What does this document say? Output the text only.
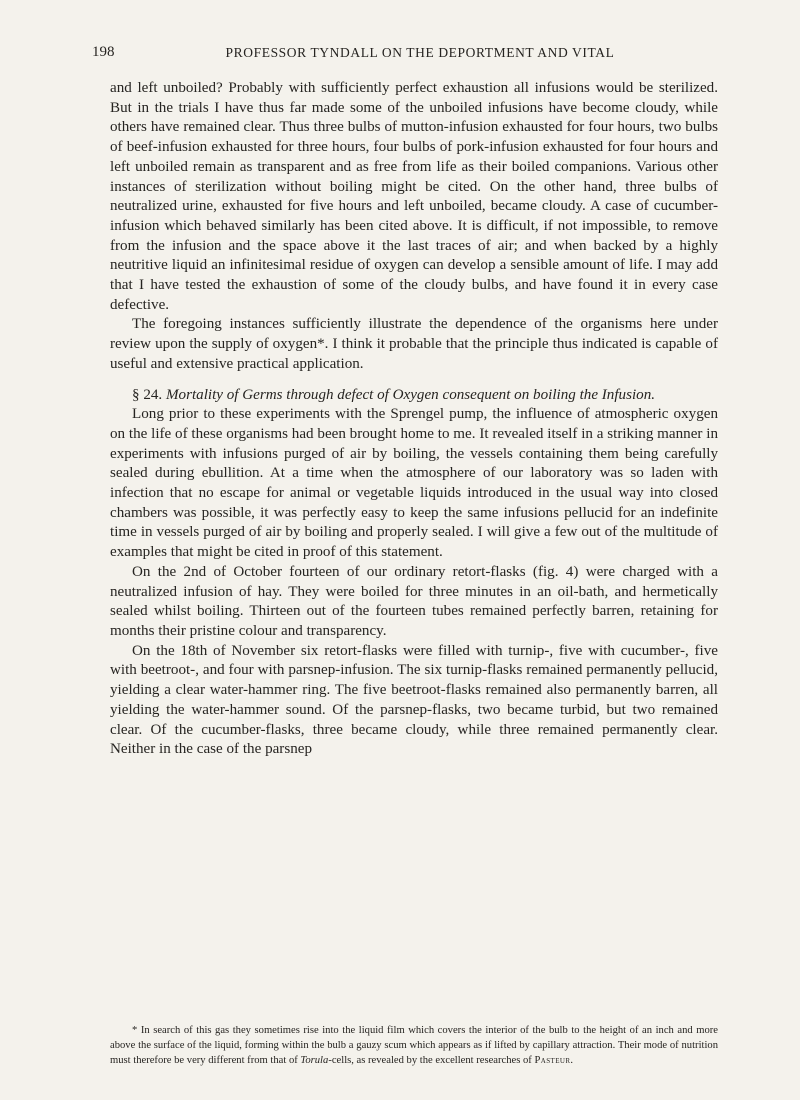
198	PROFESSOR TYNDALL ON THE DEPORTMENT AND VITAL

and left unboiled? Probably with sufficiently perfect exhaustion all infusions would be sterilized. But in the trials I have thus far made some of the unboiled infusions have become cloudy, while others have remained clear. Thus three bulbs of mutton-infusion exhausted for four hours, two bulbs of beef-infusion exhausted for three hours, four bulbs of pork-infusion exhausted for four hours and left unboiled remain as transparent and as free from life as their boiled companions. Various other instances of sterilization without boiling might be cited. On the other hand, three bulbs of neutralized urine, exhausted for five hours and left unboiled, became cloudy. A case of cucumber-infusion which behaved similarly has been cited above. It is difficult, if not impossible, to remove from the infusion and the space above it the last traces of air; and when backed by a highly neutritive liquid an infinitesimal residue of oxygen can develop a sensible amount of life. I may add that I have tested the exhaustion of some of the cloudy bulbs, and have found it in every case defective.

The foregoing instances sufficiently illustrate the dependence of the organisms here under review upon the supply of oxygen*. I think it probable that the principle thus indicated is capable of useful and extensive practical application.

§ 24. Mortality of Germs through defect of Oxygen consequent on boiling the Infusion.

Long prior to these experiments with the Sprengel pump, the influence of atmospheric oxygen on the life of these organisms had been brought home to me. It revealed itself in a striking manner in experiments with infusions purged of air by boiling, the vessels containing them being carefully sealed during ebullition. At a time when the atmosphere of our laboratory was so laden with infection that no escape for animal or vegetable liquids introduced in the usual way into closed chambers was possible, it was perfectly easy to keep the same infusions pellucid for an indefinite time in vessels purged of air by boiling and properly sealed. I will give a few out of the multitude of examples that might be cited in proof of this statement.

On the 2nd of October fourteen of our ordinary retort-flasks (fig. 4) were charged with a neutralized infusion of hay. They were boiled for three minutes in an oil-bath, and hermetically sealed whilst boiling. Thirteen out of the fourteen tubes remained perfectly barren, retaining for months their pristine colour and transparency.

On the 18th of November six retort-flasks were filled with turnip-, five with cucumber-, five with beetroot-, and four with parsnep-infusion. The six turnip-flasks remained permanently pellucid, yielding a clear water-hammer ring. The five beetroot-flasks remained also permanently barren, all yielding the water-hammer sound. Of the parsnep-flasks, two became turbid, but two remained clear. Of the cucumber-flasks, three became cloudy, while three remained permanently clear. Neither in the case of the parsnep

* In search of this gas they sometimes rise into the liquid film which covers the interior of the bulb to the height of an inch and more above the surface of the liquid, forming within the bulb a gauzy scum which appears as if lifted by capillary attraction. Their mode of nutrition must therefore be very different from that of Torula-cells, as revealed by the excellent researches of Pasteur.
